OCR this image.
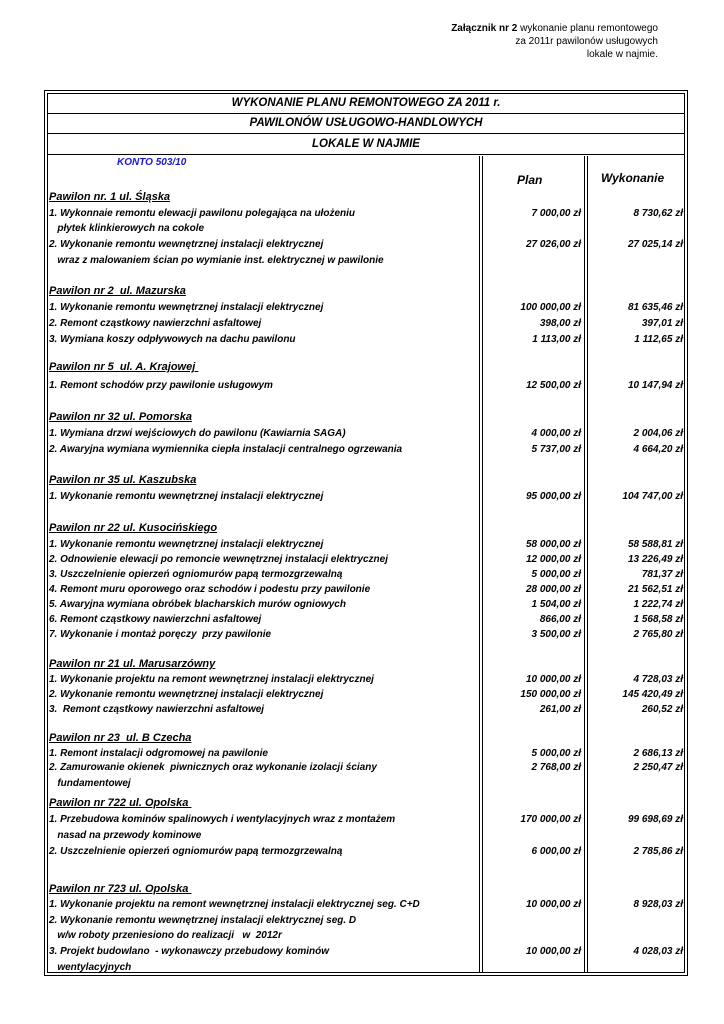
Załącznik nr 2 wykonanie planu remontowego
za 2011r pawilonów usługowych
lokale w najmie.
WYKONANIE PLANU REMONTOWEGO ZA 2011 r.
PAWILONÓW USŁUGOWO-HANDLOWYCH
LOKALE W NAJMIE
KONTO 503/10
Plan	Wykonanie
Pawilon nr. 1 ul. Śląska
1. Wykonnaie remontu elewacji pawilonu polegająca na ułożeniu	7 000,00 zł	8 730,62 zł
płytek klinkierowych na cokole
2. Wykonanie remontu wewnętrznej instalacji elektrycznej	27 026,00 zł	27 025,14 zł
wraz z malowaniem ścian po wymianie inst. elektrycznej w pawilonie
Pawilon nr 2  ul. Mazurska
1. Wykonanie remontu wewnętrznej instalacji elektrycznej	100 000,00 zł	81 635,46 zł
2. Remont cząstkowy nawierzchni asfaltowej	398,00 zł	397,01 zł
3. Wymiana koszy odpływowych na dachu pawilonu	1 113,00 zł	1 112,65 zł
Pawilon nr 5  ul. A. Krajowej
1. Remont schodów przy pawilonie usługowym	12 500,00 zł	10 147,94 zł
Pawilon nr 32 ul. Pomorska
1. Wymiana drzwi wejściowych do pawilonu (Kawiarnia SAGA)	4 000,00 zł	2 004,06 zł
2. Awaryjna wymiana wymiennika ciepła instalacji centralnego ogrzewania	5 737,00 zł	4 664,20 zł
Pawilon nr 35 ul. Kaszubska
1. Wykonanie remontu wewnętrznej instalacji elektrycznej	95 000,00 zł	104 747,00 zł
Pawilon nr 22 ul. Kusocińskiego
1. Wykonanie remontu wewnętrznej instalacji elektrycznej	58 000,00 zł	58 588,81 zł
2. Odnowienie elewacji po remoncie wewnętrznej instalacji elektrycznej	12 000,00 zł	13 226,49 zł
3. Uszczelnienie opierzeń ogniomurów papą termozgrzewalną	5 000,00 zł	781,37 zł
4. Remont muru oporowego oraz schodów i podestu przy pawilonie	28 000,00 zł	21 562,51 zł
5. Awaryjna wymiana obróbek blacharskich murów ogniowych	1 504,00 zł	1 222,74 zł
6. Remont cząstkowy nawierzchni asfaltowej	866,00 zł	1 568,58 zł
7. Wykonanie i montaż poręczy  przy pawilonie	3 500,00 zł	2 765,80 zł
Pawilon nr 21 ul. Marusarzówny
1. Wykonanie projektu na remont wewnętrznej instalacji elektrycznej	10 000,00 zł	4 728,03 zł
2. Wykonanie remontu wewnętrznej instalacji elektrycznej	150 000,00 zł	145 420,49 zł
3.  Remont cząstkowy nawierzchni asfaltowej	261,00 zł	260,52 zł
Pawilon nr 23  ul. B Czecha
1. Remont instalacji odgromowej na pawilonie	5 000,00 zł	2 686,13 zł
2. Zamurowanie okienek  piwnicznych oraz wykonanie izolacji ściany	2 768,00 zł	2 250,47 zł
fundamentowej
Pawilon nr 722 ul. Opolska
1. Przebudowa kominów spalinowych i wentylacyjnych wraz z montażem	170 000,00 zł	99 698,69 zł
nasad na przewody kominowe
2. Uszczelnienie opierzeń ogniomurów papą termozgrzewalną	6 000,00 zł	2 785,86 zł
Pawilon nr 723 ul. Opolska
1. Wykonanie projektu na remont wewnętrznej instalacji elektrycznej seg. C+D	10 000,00 zł	8 928,03 zł
2. Wykonanie remontu wewnętrznej instalacji elektrycznej seg. D
w/w roboty przeniesiono do realizacji   w  2012r
3. Projekt budowlano  - wykonawczy przebudowy kominów	10 000,00 zł	4 028,03 zł
wentylacyjnych
